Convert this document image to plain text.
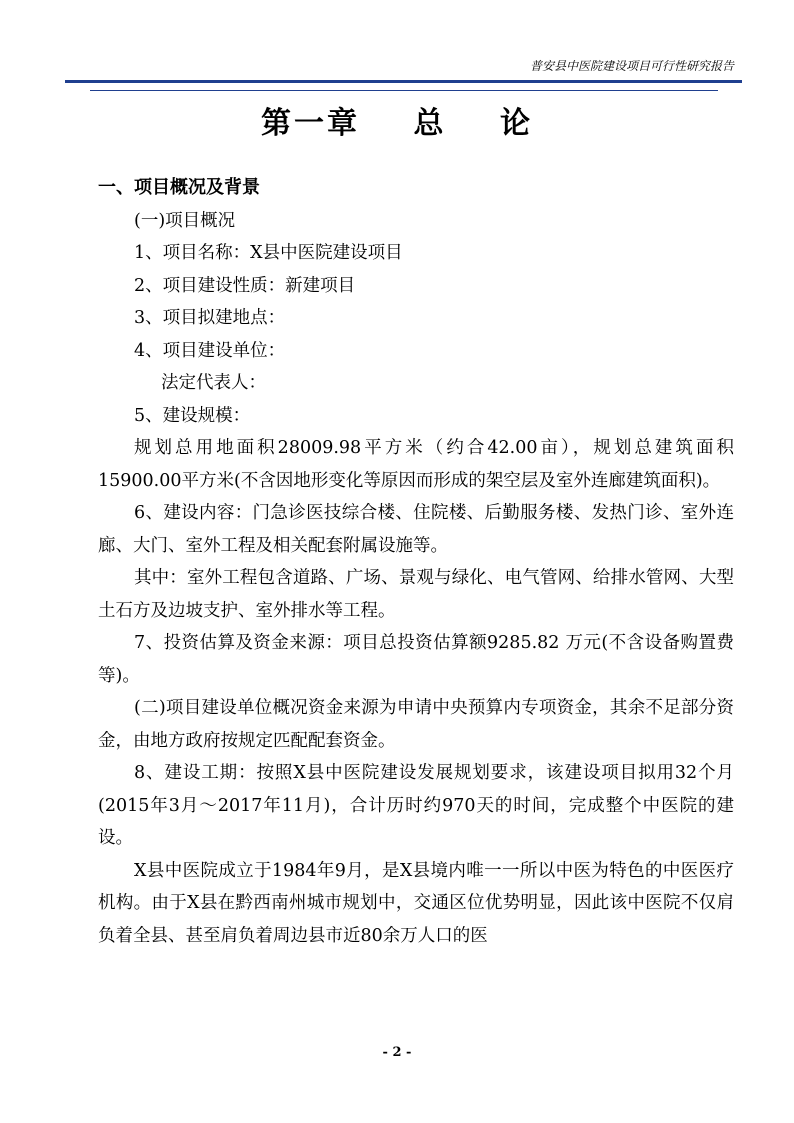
普安县中医院建设项目可行性研究报告
第一章 总 论

一、项目概况及背景

(一)项目概况

1、项目名称：X县中医院建设项目

2、项目建设性质：新建项目

3、项目拟建地点：

4、项目建设单位：

法定代表人：

5、建设规模：

规划总用地面积28009.98平方米（约合42.00亩），规划总建筑面积15900.00平方米(不含因地形变化等原因而形成的架空层及室外连廊建筑面积)。

6、建设内容：门急诊医技综合楼、住院楼、后勤服务楼、发热门诊、室外连廊、大门、室外工程及相关配套附属设施等。

其中：室外工程包含道路、广场、景观与绿化、电气管网、给排水管网、大型土石方及边坡支护、室外排水等工程。

7、投资估算及资金来源：项目总投资估算额9285.82 万元(不含设备购置费等)。

(二)项目建设单位概况资金来源为申请中央预算内专项资金，其余不足部分资金，由地方政府按规定匹配配套资金。

8、建设工期：按照X县中医院建设发展规划要求，该建设项目拟用32个月(2015年3月～2017年11月)，合计历时约970天的时间，完成整个中医院的建设。

X县中医院成立于1984年9月，是X县境内唯一一所以中医为特色的中医医疗机构。由于X县在黔西南州城市规划中，交通区位优势明显，因此该中医院不仅肩负着全县、甚至肩负着周边县市近80余万人口的医

- 2 -
